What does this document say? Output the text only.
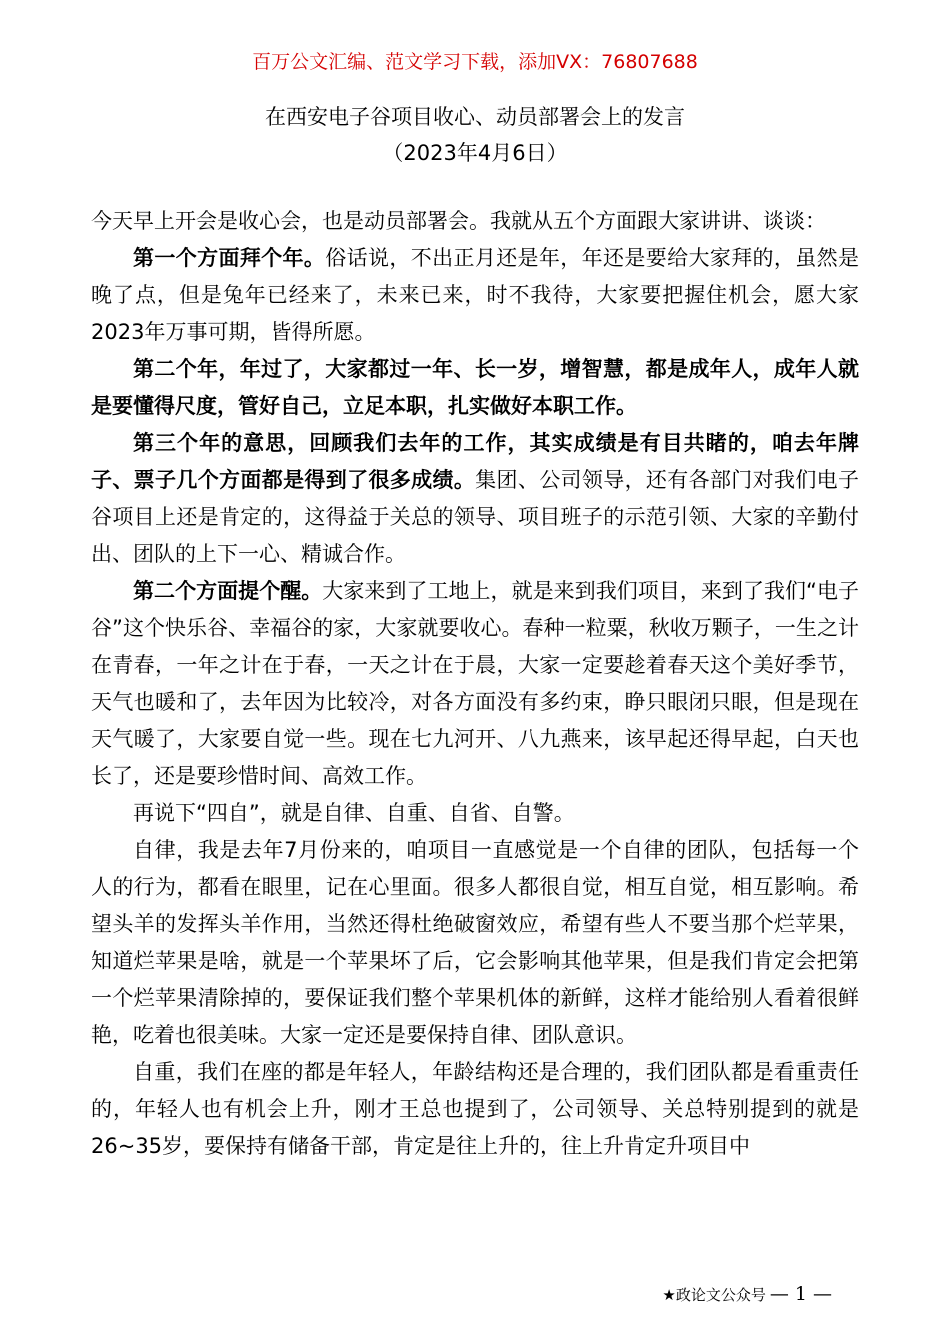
百万公文汇编、范文学习下载，添加VX：76807688
在西安电子谷项目收心、动员部署会上的发言
（2023年4月6日）

今天早上开会是收心会，也是动员部署会。我就从五个方面跟大家讲讲、谈谈：

第一个方面拜个年。俗话说，不出正月还是年，年还是要给大家拜的，虽然是晚了点，但是兔年已经来了，未来已来，时不我待，大家要把握住机会，愿大家2023年万事可期，皆得所愿。

第二个年，年过了，大家都过一年、长一岁，增智慧，都是成年人，成年人就是要懂得尺度，管好自己，立足本职，扎实做好本职工作。

第三个年的意思，回顾我们去年的工作，其实成绩是有目共睹的，咱去年牌子、票子几个方面都是得到了很多成绩。集团、公司领导，还有各部门对我们电子谷项目上还是肯定的，这得益于关总的领导、项目班子的示范引领、大家的辛勤付出、团队的上下一心、精诚合作。

第二个方面提个醒。大家来到了工地上，就是来到我们项目，来到了我们“电子谷”这个快乐谷、幸福谷的家，大家就要收心。春种一粒粟，秋收万颗子，一生之计在青春，一年之计在于春，一天之计在于晨，大家一定要趁着春天这个美好季节，天气也暖和了，去年因为比较冷，对各方面没有多约束，睁只眼闭只眼，但是现在天气暖了，大家要自觉一些。现在七九河开、八九燕来，该早起还得早起，白天也长了，还是要珍惜时间、高效工作。

再说下“四自”，就是自律、自重、自省、自警。

自律，我是去年7月份来的，咱项目一直感觉是一个自律的团队，包括每一个人的行为，都看在眼里，记在心里面。很多人都很自觉，相互自觉，相互影响。希望头羊的发挥头羊作用，当然还得杜绝破窗效应，希望有些人不要当那个烂苹果，知道烂苹果是啥，就是一个苹果坏了后，它会影响其他苹果，但是我们肯定会把第一个烂苹果清除掉的，要保证我们整个苹果机体的新鲜，这样才能给别人看着很鲜艳，吃着也很美味。大家一定还是要保持自律、团队意识。

自重，我们在座的都是年轻人，年龄结构还是合理的，我们团队都是看重责任的，年轻人也有机会上升，刚才王总也提到了，公司领导、关总特别提到的就是26~35岁，要保持有储备干部，肯定是往上升的，往上升肯定升项目中

★政论文公众号 — 1 —
